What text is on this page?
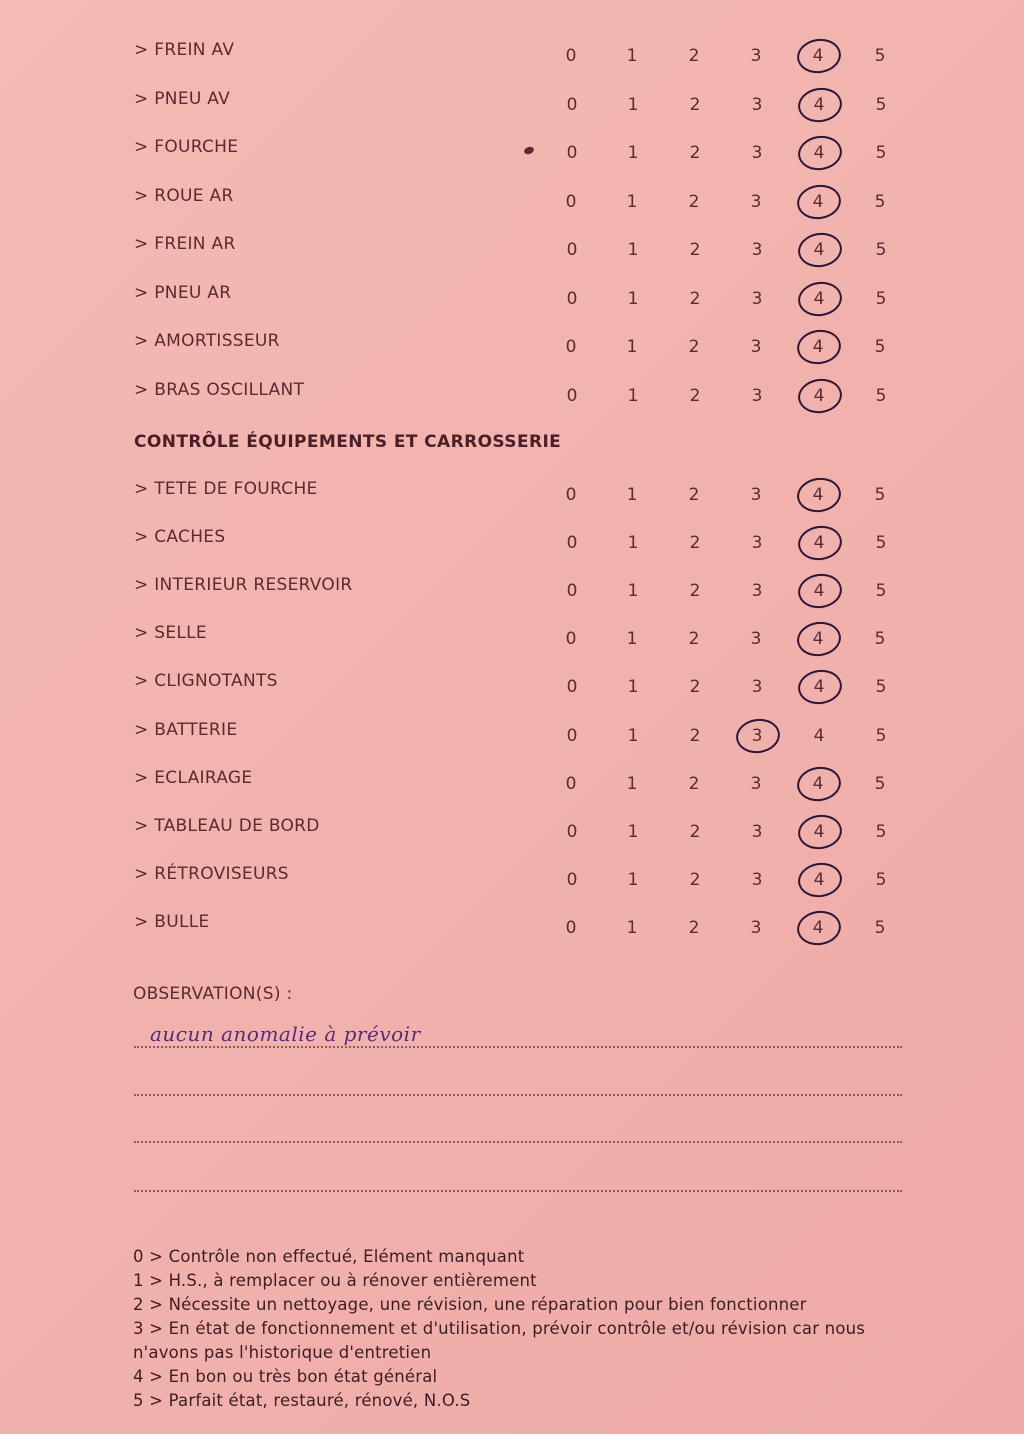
> FREIN AV	0	1	2	3	4	5
> PNEU AV	0	1	2	3	4	5
> FOURCHE	0	1	2	3	4	5
> ROUE AR	0	1	2	3	4	5
> FREIN AR	0	1	2	3	4	5
> PNEU AR	0	1	2	3	4	5
> AMORTISSEUR	0	1	2	3	4	5
> BRAS OSCILLANT	0	1	2	3	4	5
CONTRÔLE ÉQUIPEMENTS ET CARROSSERIE
> TETE DE FOURCHE	0	1	2	3	4	5
> CACHES	0	1	2	3	4	5
> INTERIEUR RESERVOIR	0	1	2	3	4	5
> SELLE	0	1	2	3	4	5
> CLIGNOTANTS	0	1	2	3	4	5
> BATTERIE	0	1	2	3	4	5
> ECLAIRAGE	0	1	2	3	4	5
> TABLEAU DE BORD	0	1	2	3	4	5
> RÉTROVISEURS	0	1	2	3	4	5
> BULLE	0	1	2	3	4	5
OBSERVATION(S) :
aucun anomalie à prévoir
0 > Contrôle non effectué, Elément manquant
1 > H.S., à remplacer ou à rénover entièrement
2 > Nécessite un nettoyage, une révision, une réparation pour bien fonctionner
3 > En état de fonctionnement et d'utilisation, prévoir contrôle et/ou révision car nous n'avons pas l'historique d'entretien
4 > En bon ou très bon état général
5 > Parfait état, restauré, rénové, N.O.S
